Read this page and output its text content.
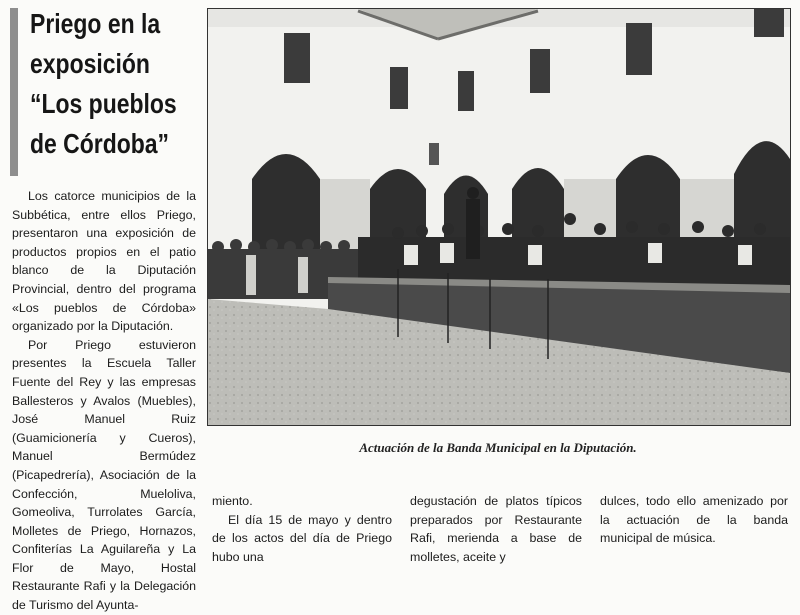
Priego en la
exposición
“Los pueblos
de Córdoba”

Los catorce municipios de la Subbética, entre ellos Priego, presentaron una exposición de productos propios en el patio blanco de la Diputación Provincial, dentro del programa «Los pueblos de Córdoba» organizado por la Diputación.

Por Priego estuvieron presentes la Escuela Taller Fuente del Rey y las empresas Ballesteros y Avalos (Muebles), José Manuel Ruiz (Guamicionería y Cueros), Manuel Bermúdez (Picapedrería), Asociación de la Confección, Mueloliva, Gomeoliva, Turrolates García, Molletes de Priego, Hornazos, Confiterías La Aguilareña y La Flor de Mayo, Hostal Restaurante Rafi y la Delegación de Turismo del Ayunta-

Actuación de la Banda Municipal en la Diputación.

miento.

El día 15 de mayo y dentro de los actos del día de Priego hubo una

degustación de platos típicos preparados por Restaurante Rafi, merienda a base de molletes, aceite y

dulces, todo ello amenizado por la actuación de la banda municipal de música.
